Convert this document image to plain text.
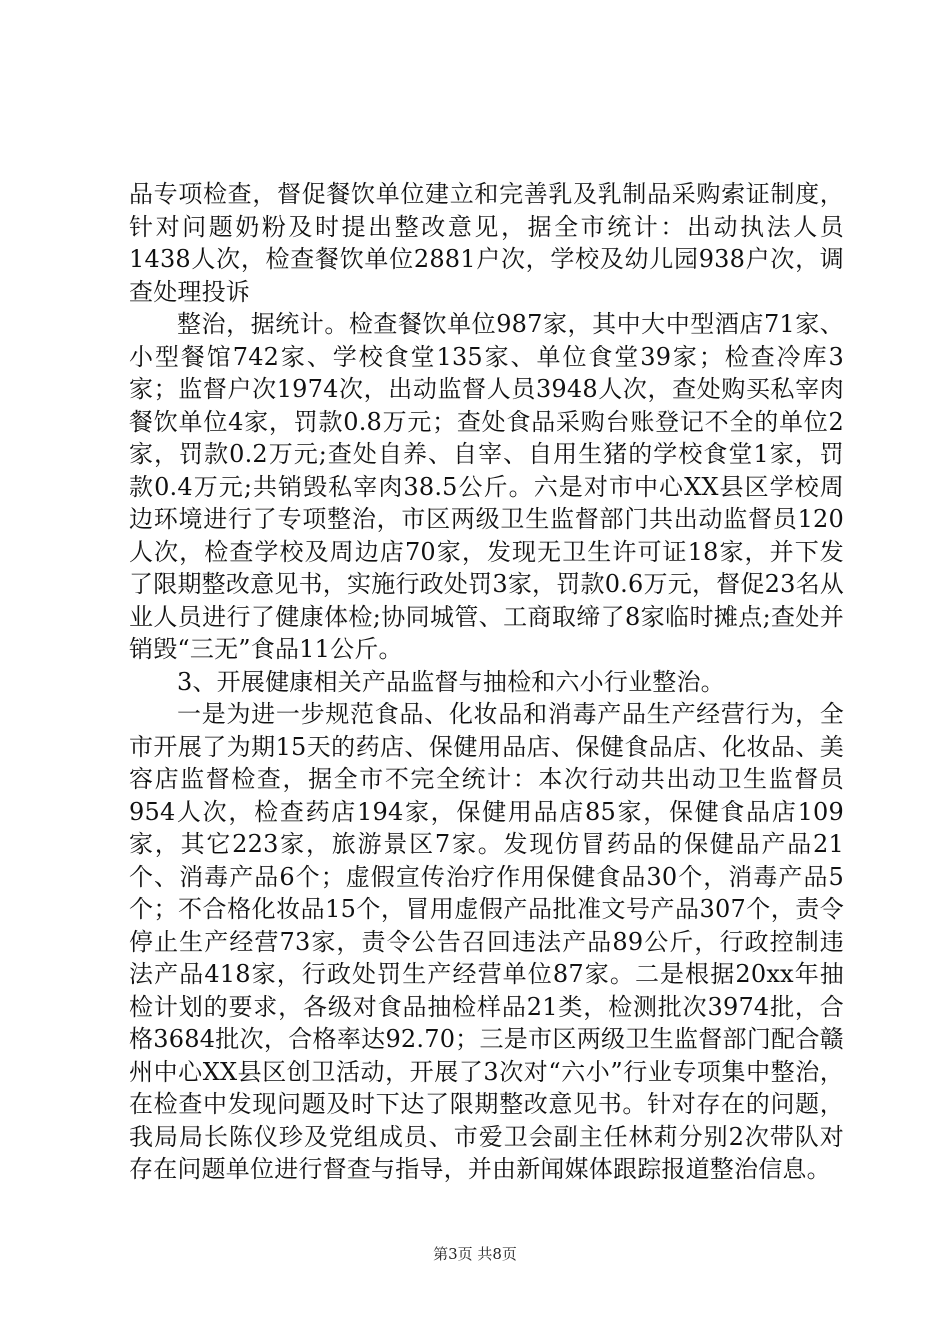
品专项检查，督促餐饮单位建立和完善乳及乳制品采购索证制度，针对问题奶粉及时提出整改意见，据全市统计：出动执法人员1438人次，检查餐饮单位2881户次，学校及幼儿园938户次，调查处理投诉

整治，据统计。检查餐饮单位987家，其中大中型酒店71家、小型餐馆742家、学校食堂135家、单位食堂39家；检查冷库3家；监督户次1974次，出动监督人员3948人次，查处购买私宰肉餐饮单位4家，罚款0.8万元；查处食品采购台账登记不全的单位2家，罚款0.2万元;查处自养、自宰、自用生猪的学校食堂1家，罚款0.4万元;共销毁私宰肉38.5公斤。六是对市中心XX县区学校周边环境进行了专项整治，市区两级卫生监督部门共出动监督员120人次，检查学校及周边店70家，发现无卫生许可证18家，并下发了限期整改意见书，实施行政处罚3家，罚款0.6万元，督促23名从业人员进行了健康体检;协同城管、工商取缔了8家临时摊点;查处并销毁“三无”食品11公斤。

3、开展健康相关产品监督与抽检和六小行业整治。

一是为进一步规范食品、化妆品和消毒产品生产经营行为，全市开展了为期15天的药店、保健用品店、保健食品店、化妆品、美容店监督检查，据全市不完全统计：本次行动共出动卫生监督员954人次，检查药店194家，保健用品店85家，保健食品店109家，其它223家，旅游景区7家。发现仿冒药品的保健品产品21个、消毒产品6个；虚假宣传治疗作用保健食品30个，消毒产品5个；不合格化妆品15个，冒用虚假产品批准文号产品307个，责令停止生产经营73家，责令公告召回违法产品89公斤，行政控制违法产品418家，行政处罚生产经营单位87家。二是根据20xx年抽检计划的要求，各级对食品抽检样品21类，检测批次3974批，合格3684批次，合格率达92.70；三是市区两级卫生监督部门配合赣州中心XX县区创卫活动，开展了3次对“六小”行业专项集中整治，在检查中发现问题及时下达了限期整改意见书。针对存在的问题，我局局长陈仪珍及党组成员、市爱卫会副主任林莉分别2次带队对存在问题单位进行督查与指导，并由新闻媒体跟踪报道整治信息。

第3页 共8页
